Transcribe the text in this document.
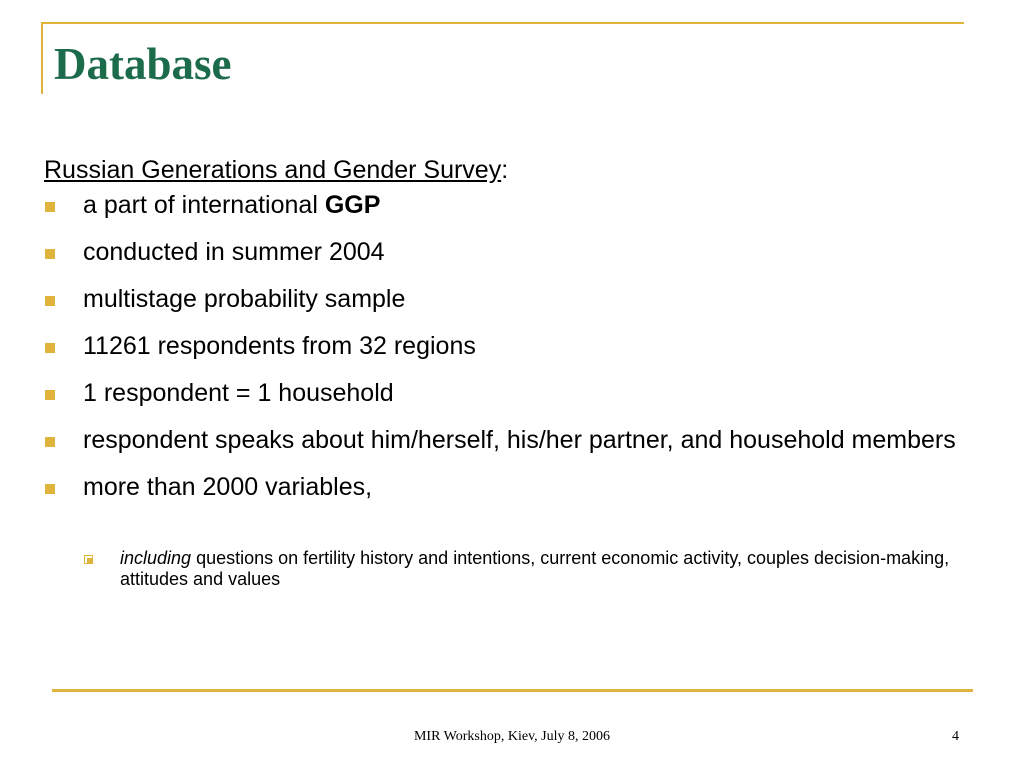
Database

Russian Generations and Gender Survey:

a part of international GGP
conducted in summer 2004
multistage probability sample
11261 respondents from 32 regions
1 respondent = 1 household
respondent speaks about him/herself, his/her partner, and household members
more than 2000 variables,
including questions on fertility history and intentions, current economic activity, couples decision-making, attitudes and values

MIR Workshop, Kiev, July 8, 2006	4
